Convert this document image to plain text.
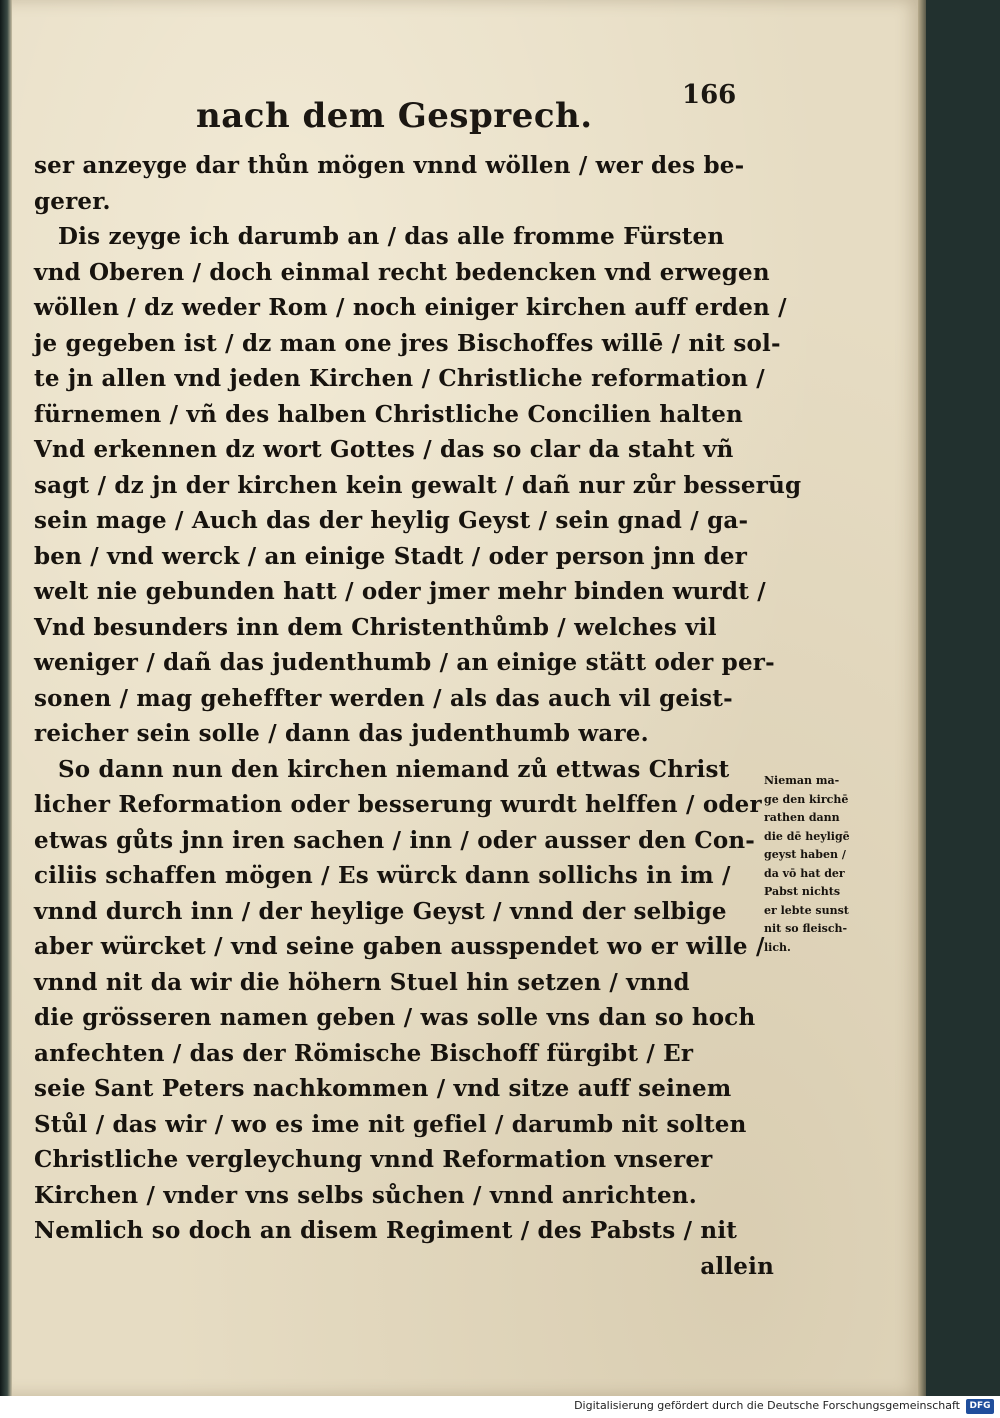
nach dem Gesprech.
166
ser anzeyge dar thůn mögen vnnd wöllen / wer des be-
gerer.
Dis zeyge ich darumb an / das alle fromme Fürsten
vnd Oberen / doch einmal recht bedencken vnd erwegen
wöllen / dz weder Rom / noch einiger kirchen auff erden /
je gegeben ist / dz man one jres Bischoffes willē / nit sol-
te jn allen vnd jeden Kirchen / Christliche reformation /
fürnemen / vñ des halben Christliche Concilien halten
Vnd erkennen dz wort Gottes / das so clar da staht vñ
sagt / dz jn der kirchen kein gewalt / dañ nur zůr besserūg
sein mage / Auch das der heylig Geyst / sein gnad / ga-
ben / vnd werck / an einige Stadt / oder person jnn der
welt nie gebunden hatt / oder jmer mehr binden wurdt /
Vnd besunders inn dem Christenthůmb / welches vil
weniger / dañ das judenthumb / an einige stätt oder per-
sonen / mag geheffter werden / als das auch vil geist-
reicher sein solle / dann das judenthumb ware.
So dann nun den kirchen niemand zů ettwas Christ
licher Reformation oder besserung wurdt helffen / oder
etwas gůts jnn iren sachen / inn / oder ausser den Con-
ciliis schaffen mögen / Es würck dann sollichs in im /
vnnd durch inn / der heylige Geyst / vnnd der selbige
aber würcket / vnd seine gaben ausspendet wo er wille /
vnnd nit da wir die höhern Stuel hin setzen / vnnd
die grösseren namen geben / was solle vns dan so hoch
anfechten / das der Römische Bischoff fürgibt / Er
seie Sant Peters nachkommen / vnd sitze auff seinem
Stůl / das wir / wo es ime nit gefiel / darumb nit solten
Christliche vergleychung vnnd Reformation vnserer
Kirchen / vnder vns selbs sůchen / vnnd anrichten.
Nemlich so doch an disem Regiment / des Pabsts / nit
allein
Nieman ma-
ge den kirchē
rathen dann
die dē heyligē
geyst haben /
da vō hat der
Pabst nichts
er lebte sunst
nit so fleisch-
lich.
Digitalisierung gefördert durch die Deutsche Forschungsgemeinschaft	DFG
